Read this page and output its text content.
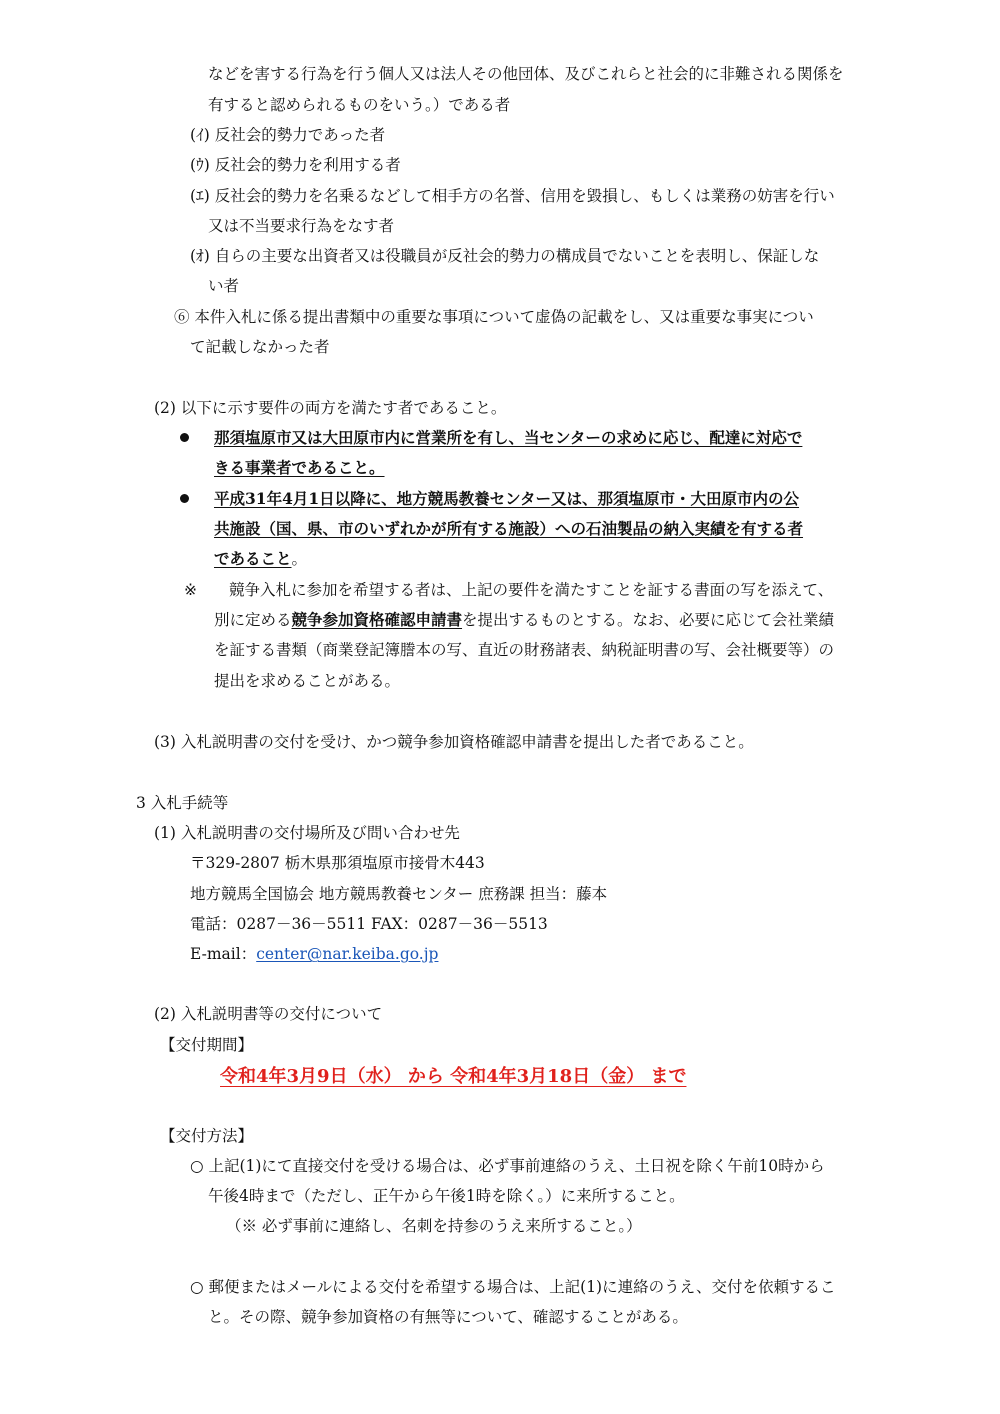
などを害する行為を行う個人又は法人その他団体、及びこれらと社会的に非難される関係を
有すると認められるものをいう。）である者
(ｲ) 反社会的勢力であった者
(ｳ) 反社会的勢力を利用する者
(ｴ) 反社会的勢力を名乗るなどして相手方の名誉、信用を毀損し、もしくは業務の妨害を行い
又は不当要求行為をなす者
(ｵ) 自らの主要な出資者又は役職員が反社会的勢力の構成員でないことを表明し、保証しな
い者
⑥ 本件入札に係る提出書類中の重要な事項について虚偽の記載をし、又は重要な事実につい
て記載しなかった者
(2) 以下に示す要件の両方を満たす者であること。
那須塩原市又は大田原市内に営業所を有し、当センターの求めに応じ、配達に対応で
きる事業者であること。
平成31年4月1日以降に、地方競馬教養センター又は、那須塩原市・大田原市内の公
共施設（国、県、市のいずれかが所有する施設）への石油製品の納入実績を有する者
であること。
※ 競争入札に参加を希望する者は、上記の要件を満たすことを証する書面の写を添えて、
別に定める競争参加資格確認申請書を提出するものとする。なお、必要に応じて会社業績
を証する書類（商業登記簿謄本の写、直近の財務諸表、納税証明書の写、会社概要等）の
提出を求めることがある。
(3) 入札説明書の交付を受け、かつ競争参加資格確認申請書を提出した者であること。
3 入札手続等
(1) 入札説明書の交付場所及び問い合わせ先
〒329-2807 栃木県那須塩原市接骨木443
地方競馬全国協会 地方競馬教養センター 庶務課 担当：藤本
電話：0287－36－5511 FAX：0287－36－5513
E-mail：center@nar.keiba.go.jp
(2) 入札説明書等の交付について
【交付期間】
令和4年3月9日（水） から 令和4年3月18日（金） まで
【交付方法】
○ 上記(1)にて直接交付を受ける場合は、必ず事前連絡のうえ、土日祝を除く午前10時から
午後4時まで（ただし、正午から午後1時を除く。）に来所すること。
（※ 必ず事前に連絡し、名刺を持参のうえ来所すること。）
○ 郵便またはメールによる交付を希望する場合は、上記(1)に連絡のうえ、交付を依頼するこ
と。その際、競争参加資格の有無等について、確認することがある。
